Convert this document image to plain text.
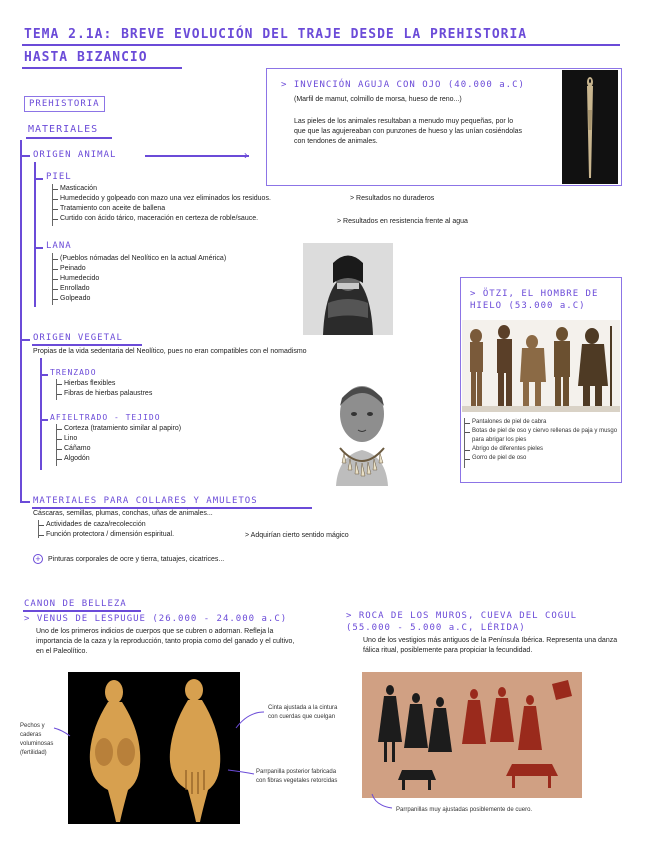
TEMA 2.1A: BREVE EVOLUCIÓN DEL TRAJE DESDE LA PREHISTORIA
HASTA BIZANCIO
PREHISTORIA
MATERIALES
ORIGEN ANIMAL	›
> INVENCIÓN AGUJA CON OJO (40.000 a.C)
(Marfil de mamut, colmillo de morsa, hueso de reno...)
Las pieles de los animales resultaban a menudo muy pequeñas, por lo que que las agujereaban con punzones de hueso y las unían cosiéndolas con tendones de animales.
PIEL
Masticación
Humedecido y golpeado con mazo una vez eliminados los residuos.
Tratamiento con aceite de ballena
Curtido con ácido tárico, maceración en certeza de roble/sauce.
> Resultados no duraderos
> Resultados en resistencia frente al agua
LANA
(Pueblos nómadas del Neolítico en la actual América)
Peinado
Humedecido
Enrollado
Golpeado
ORIGEN VEGETAL
Propias de la vida sedentaria del Neolítico, pues no eran compatibles con el nomadismo
TRENZADO
Hierbas flexibles
Fibras de hierbas palaustres
AFIELTRADO - TEJIDO
Corteza (tratamiento similar al papiro)
Lino
Cáñamo
Algodón
> ÖTZI, EL HOMBRE DE HIELO (53.000 a.C)
Pantalones de piel de cabra
Botas de piel de oso y ciervo rellenas de paja y musgo para abrigar los pies
Abrigo de diferentes pieles
Gorro de piel de oso
MATERIALES PARA COLLARES Y AMULETOS
Cáscaras, semillas, plumas, conchas, uñas de animales...
Actividades de caza/recolección
Función protectora / dimensión espiritual.	> Adquirían cierto sentido mágico
+	Pinturas corporales de ocre y tierra, tatuajes, cicatrices...
CANON DE BELLEZA
> VENUS DE LESPUGUE (26.000 - 24.000 a.C)
Uno de los primeros indicios de cuerpos que se cubren o adornan. Refleja la importancia de la caza y la reproducción, tanto propia como del ganado y el cultivo, en el Paleolítico.
Pechos y caderas voluminosas (fertilidad)
Cinta ajustada a la cintura con cuerdas que cuelgan
Parrpanilla posterior fabricada con fibras vegetales retorcidas
> ROCA DE LOS MUROS, CUEVA DEL COGUL (55.000 - 5.000 a.C, LÉRIDA)
Uno de los vestigios más antiguos de la Península Ibérica. Representa una danza fálica ritual, posiblemente para propiciar la fecundidad.
Parrpanillas muy ajustadas posiblemente de cuero.
